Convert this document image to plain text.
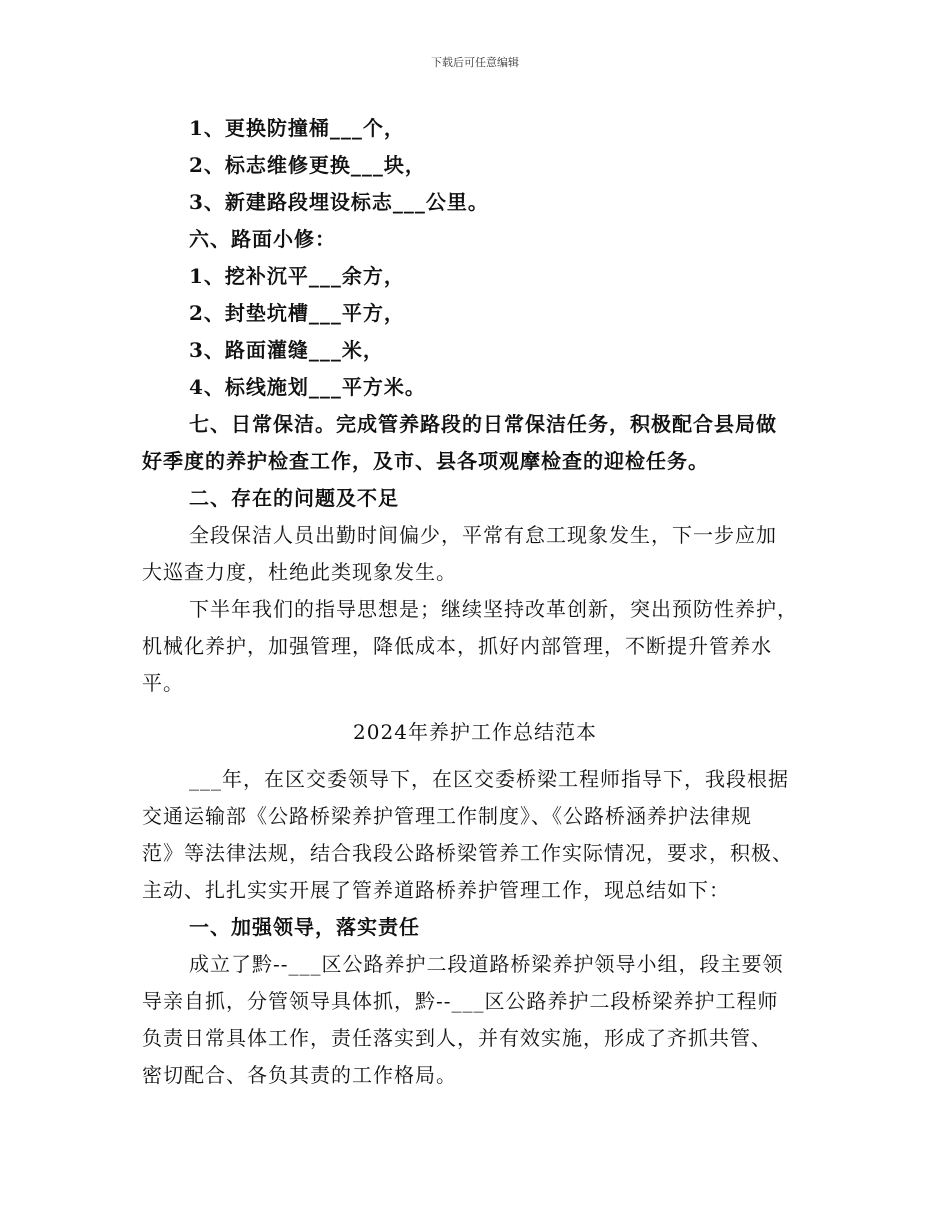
下载后可任意编辑
1、更换防撞桶___个，
2、标志维修更换___块，
3、新建路段埋设标志___公里。
六、路面小修：
1、挖补沉平___余方，
2、封垫坑槽___平方，
3、路面灌缝___米，
4、标线施划___平方米。
七、日常保洁。完成管养路段的日常保洁任务，积极配合县局做
好季度的养护检查工作，及市、县各项观摩检查的迎检任务。
二、存在的问题及不足
全段保洁人员出勤时间偏少，平常有怠工现象发生，下一步应加
大巡查力度，杜绝此类现象发生。
下半年我们的指导思想是；继续坚持改革创新，突出预防性养护，
机械化养护，加强管理，降低成本，抓好内部管理，不断提升管养水
平。
2024年养护工作总结范本
___年，在区交委领导下，在区交委桥梁工程师指导下，我段根据
交通运输部《公路桥梁养护管理工作制度》、《公路桥涵养护法律规
范》等法律法规，结合我段公路桥梁管养工作实际情况，要求，积极、
主动、扎扎实实开展了管养道路桥养护管理工作，现总结如下：
一、加强领导，落实责任
成立了黔--___区公路养护二段道路桥梁养护领导小组，段主要领
导亲自抓，分管领导具体抓，黔--___区公路养护二段桥梁养护工程师
负责日常具体工作，责任落实到人，并有效实施，形成了齐抓共管、
密切配合、各负其责的工作格局。
